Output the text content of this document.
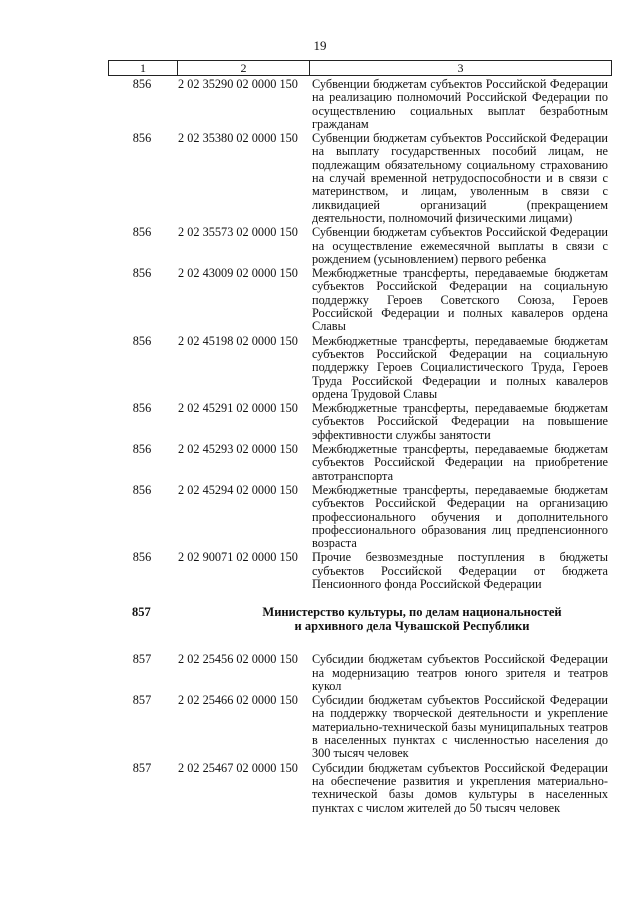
19
1	2	3
856	2 02 35290 02 0000 150	Субвенции бюджетам субъектов Российской Федерации на реализацию полномочий Российской Федерации по осуществлению социальных выплат безработным гражданам
856	2 02 35380 02 0000 150	Субвенции бюджетам субъектов Российской Федерации на выплату государственных пособий лицам, не подлежащим обязательному социальному страхованию на случай временной нетрудоспособности и в связи с материнством, и лицам, уволенным в связи с ликвидацией организаций (прекращением деятельности, полномочий физическими лицами)
856	2 02 35573 02 0000 150	Субвенции бюджетам субъектов Российской Федерации на осуществление ежемесячной выплаты в связи с рождением (усыновлением) первого ребенка
856	2 02 43009 02 0000 150	Межбюджетные трансферты, передаваемые бюджетам субъектов Российской Федерации на социальную поддержку Героев Советского Союза, Героев Российской Федерации и полных кавалеров ордена Славы
856	2 02 45198 02 0000 150	Межбюджетные трансферты, передаваемые бюджетам субъектов Российской Федерации на социальную поддержку Героев Социалистического Труда, Героев Труда Российской Федерации и полных кавалеров ордена Трудовой Славы
856	2 02 45291 02 0000 150	Межбюджетные трансферты, передаваемые бюджетам субъектов Российской Федерации на повышение эффективности службы занятости
856	2 02 45293 02 0000 150	Межбюджетные трансферты, передаваемые бюджетам субъектов Российской Федерации на приобретение автотранспорта
856	2 02 45294 02 0000 150	Межбюджетные трансферты, передаваемые бюджетам субъектов Российской Федерации на организацию профессионального обучения и дополнительного профессионального образования лиц предпенсионного возраста
856	2 02 90071 02 0000 150	Прочие безвозмездные поступления в бюджеты субъектов Российской Федерации от бюджета Пенсионного фонда Российской Федерации
857	Министерство культуры, по делам национальностей
и архивного дела Чувашской Республики
857	2 02 25456 02 0000 150	Субсидии бюджетам субъектов Российской Федерации на модернизацию театров юного зрителя и театров кукол
857	2 02 25466 02 0000 150	Субсидии бюджетам субъектов Российской Федерации на поддержку творческой деятельности и укрепление материально-технической базы муниципальных театров в населенных пунктах с численностью населения до 300 тысяч человек
857	2 02 25467 02 0000 150	Субсидии бюджетам субъектов Российской Федерации на обеспечение развития и укрепления материально-технической базы домов культуры в населенных пунктах с числом жителей до 50 тысяч человек
